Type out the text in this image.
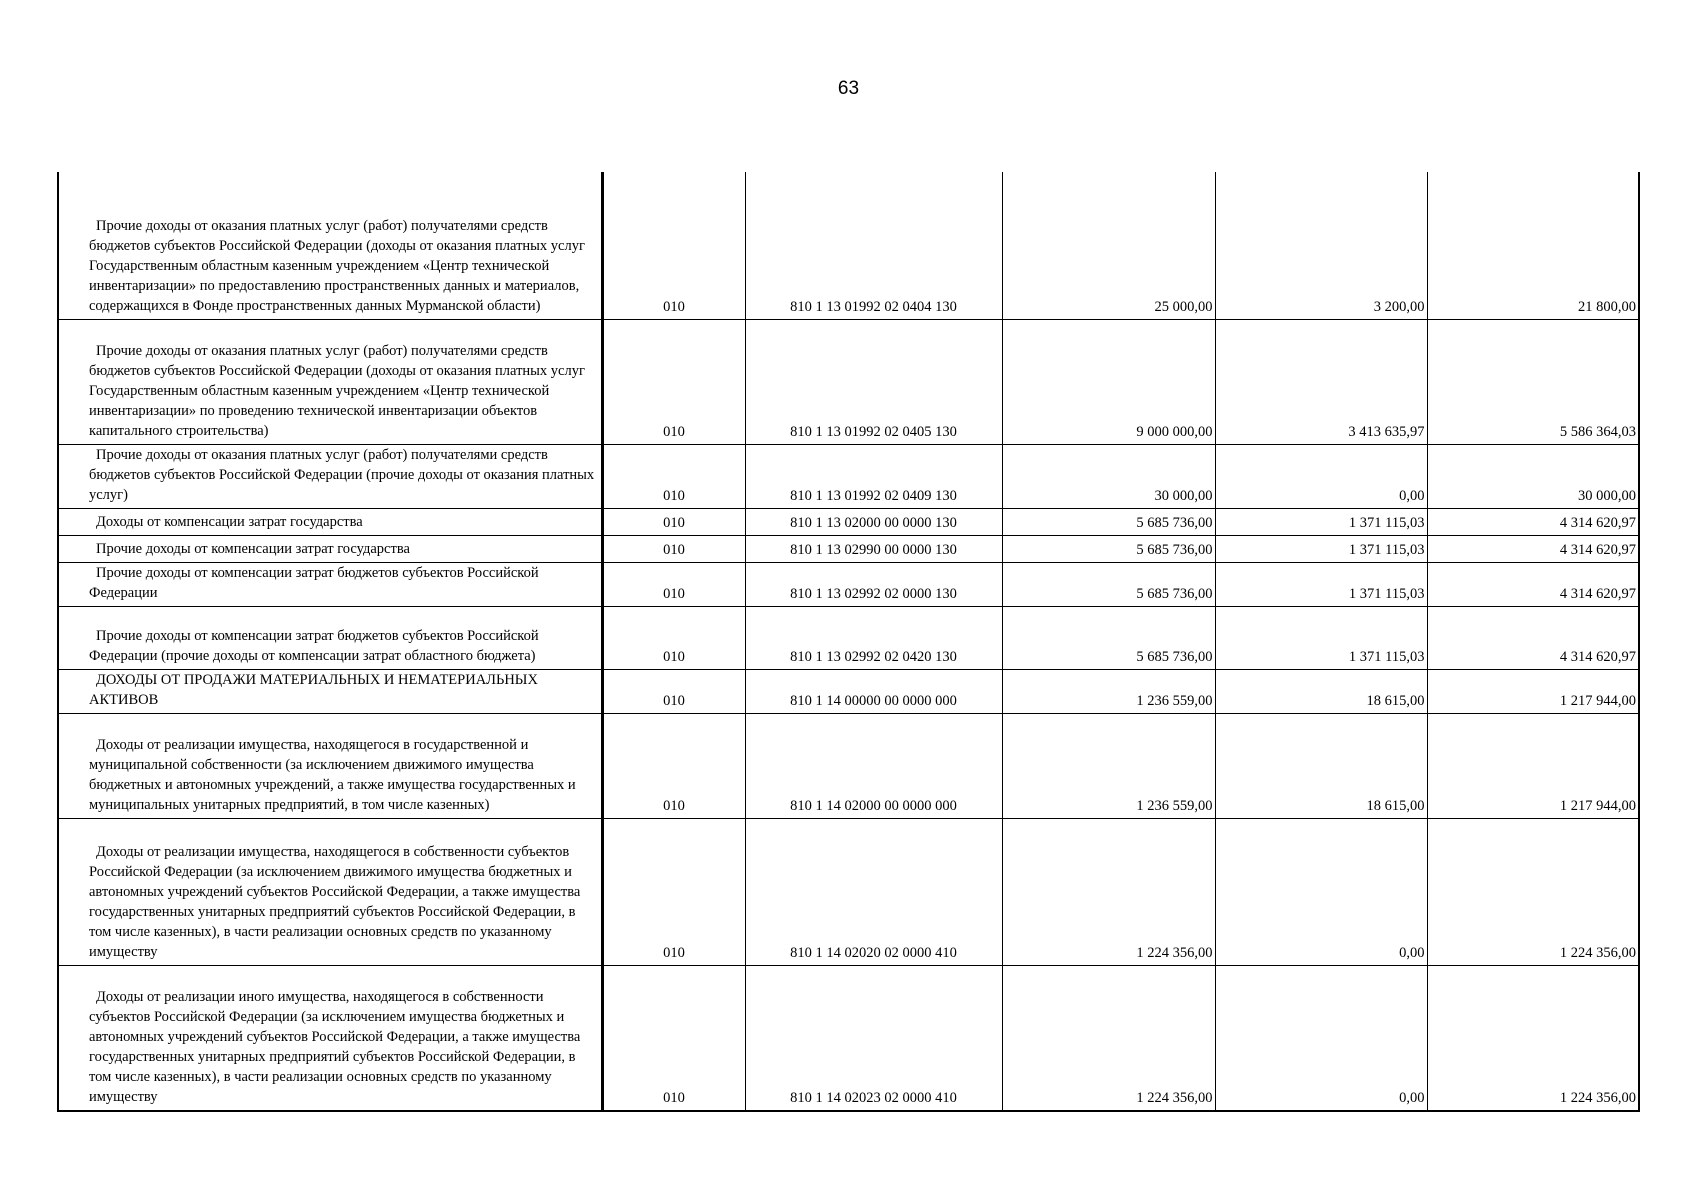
63
Прочие доходы от оказания платных услуг (работ) получателями средств бюджетов субъектов Российской Федерации (доходы от оказания платных услуг Государственным областным казенным учреждением «Центр технической инвентаризации» по предоставлению пространственных данных и материалов, содержащихся в Фонде пространственных данных Мурманской области)	010	810 1 13 01992 02 0404 130	25 000,00	3 200,00	21 800,00
Прочие доходы от оказания платных услуг (работ) получателями средств бюджетов субъектов Российской Федерации (доходы от оказания платных услуг Государственным областным казенным учреждением «Центр технической инвентаризации» по проведению технической инвентаризации объектов капитального строительства)	010	810 1 13 01992 02 0405 130	9 000 000,00	3 413 635,97	5 586 364,03
Прочие доходы от оказания платных услуг (работ) получателями средств бюджетов субъектов Российской Федерации (прочие доходы от оказания платных услуг)	010	810 1 13 01992 02 0409 130	30 000,00	0,00	30 000,00
Доходы от компенсации затрат государства	010	810 1 13 02000 00 0000 130	5 685 736,00	1 371 115,03	4 314 620,97
Прочие доходы от компенсации затрат государства	010	810 1 13 02990 00 0000 130	5 685 736,00	1 371 115,03	4 314 620,97
Прочие доходы от компенсации затрат бюджетов субъектов Российской Федерации	010	810 1 13 02992 02 0000 130	5 685 736,00	1 371 115,03	4 314 620,97
Прочие доходы от компенсации затрат бюджетов субъектов Российской Федерации (прочие доходы от компенсации затрат областного бюджета)	010	810 1 13 02992 02 0420 130	5 685 736,00	1 371 115,03	4 314 620,97
ДОХОДЫ ОТ ПРОДАЖИ МАТЕРИАЛЬНЫХ И НЕМАТЕРИАЛЬНЫХ АКТИВОВ	010	810 1 14 00000 00 0000 000	1 236 559,00	18 615,00	1 217 944,00
Доходы от реализации имущества, находящегося в государственной и муниципальной собственности (за исключением движимого имущества бюджетных и автономных учреждений, а также имущества государственных и муниципальных унитарных предприятий, в том числе казенных)	010	810 1 14 02000 00 0000 000	1 236 559,00	18 615,00	1 217 944,00
Доходы от реализации имущества, находящегося в собственности субъектов Российской Федерации (за исключением движимого имущества бюджетных и автономных учреждений субъектов Российской Федерации, а также имущества государственных унитарных предприятий субъектов Российской Федерации, в том числе казенных), в части реализации основных средств по указанному имуществу	010	810 1 14 02020 02 0000 410	1 224 356,00	0,00	1 224 356,00
Доходы от реализации иного имущества, находящегося в собственности субъектов Российской Федерации (за исключением имущества бюджетных и автономных учреждений субъектов Российской Федерации, а также имущества государственных унитарных предприятий субъектов Российской Федерации, в том числе казенных), в части реализации основных средств по указанному имуществу	010	810 1 14 02023 02 0000 410	1 224 356,00	0,00	1 224 356,00
